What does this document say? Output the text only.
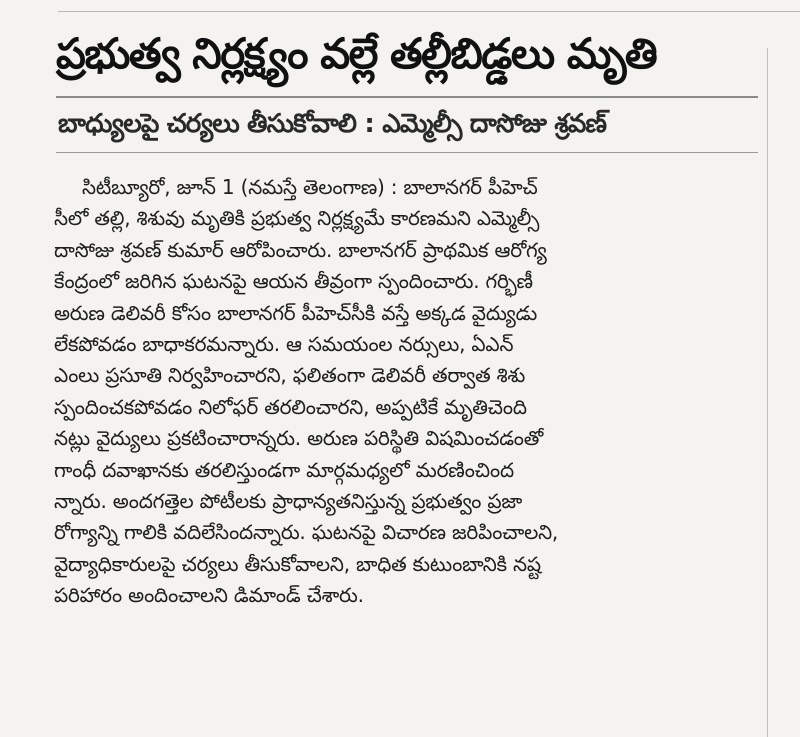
ప్రభుత్వ నిర్లక్ష్యం వల్లే తల్లీబిడ్డలు మృతి
బాధ్యులపై చర్యలు తీసుకోవాలి : ఎమ్మెల్సీ దాసోజు శ్రవణ్
సిటీబ్యూరో, జూన్ 1 (నమస్తే తెలంగాణ) : బాలానగర్ పీహెచ్
సీలో తల్లి, శిశువు మృతికి ప్రభుత్వ నిర్లక్ష్యమే కారణమని ఎమ్మెల్సీ
దాసోజు శ్రవణ్ కుమార్ ఆరోపించారు. బాలానగర్ ప్రాథమిక ఆరోగ్య
కేంద్రంలో జరిగిన ఘటనపై ఆయన తీవ్రంగా స్పందించారు. గర్భిణీ
అరుణ డెలివరీ కోసం బాలానగర్ పీహెచ్‌సీకి వస్తే అక్కడ వైద్యుడు
లేకపోవడం బాధాకరమన్నారు. ఆ సమయంల నర్సులు, ఏఎన్
ఎంలు ప్రసూతి నిర్వహించారని, ఫలితంగా డెలివరీ తర్వాత శిశు
స్పందించకపోవడం నిలోఫర్ తరలించారని, అప్పటికే మృతిచెంది
నట్లు వైద్యులు ప్రకటించారాన్నరు. అరుణ పరిస్థితి విషమించడంతో
గాంధీ దవాఖానకు తరలిస్తుండగా మార్గమధ్యలో మరణించింద
న్నారు. అందగత్తెల పోటీలకు ప్రాధాన్యతనిస్తున్న ప్రభుత్వం ప్రజా
రోగ్యాన్ని గాలికి వదిలేసిందన్నారు. ఘటనపై విచారణ జరిపించాలని,
వైద్యాధికారులపై చర్యలు తీసుకోవాలని, బాధిత కుటుంబానికి నష్ట
పరిహారం అందించాలని డిమాండ్ చేశారు.
